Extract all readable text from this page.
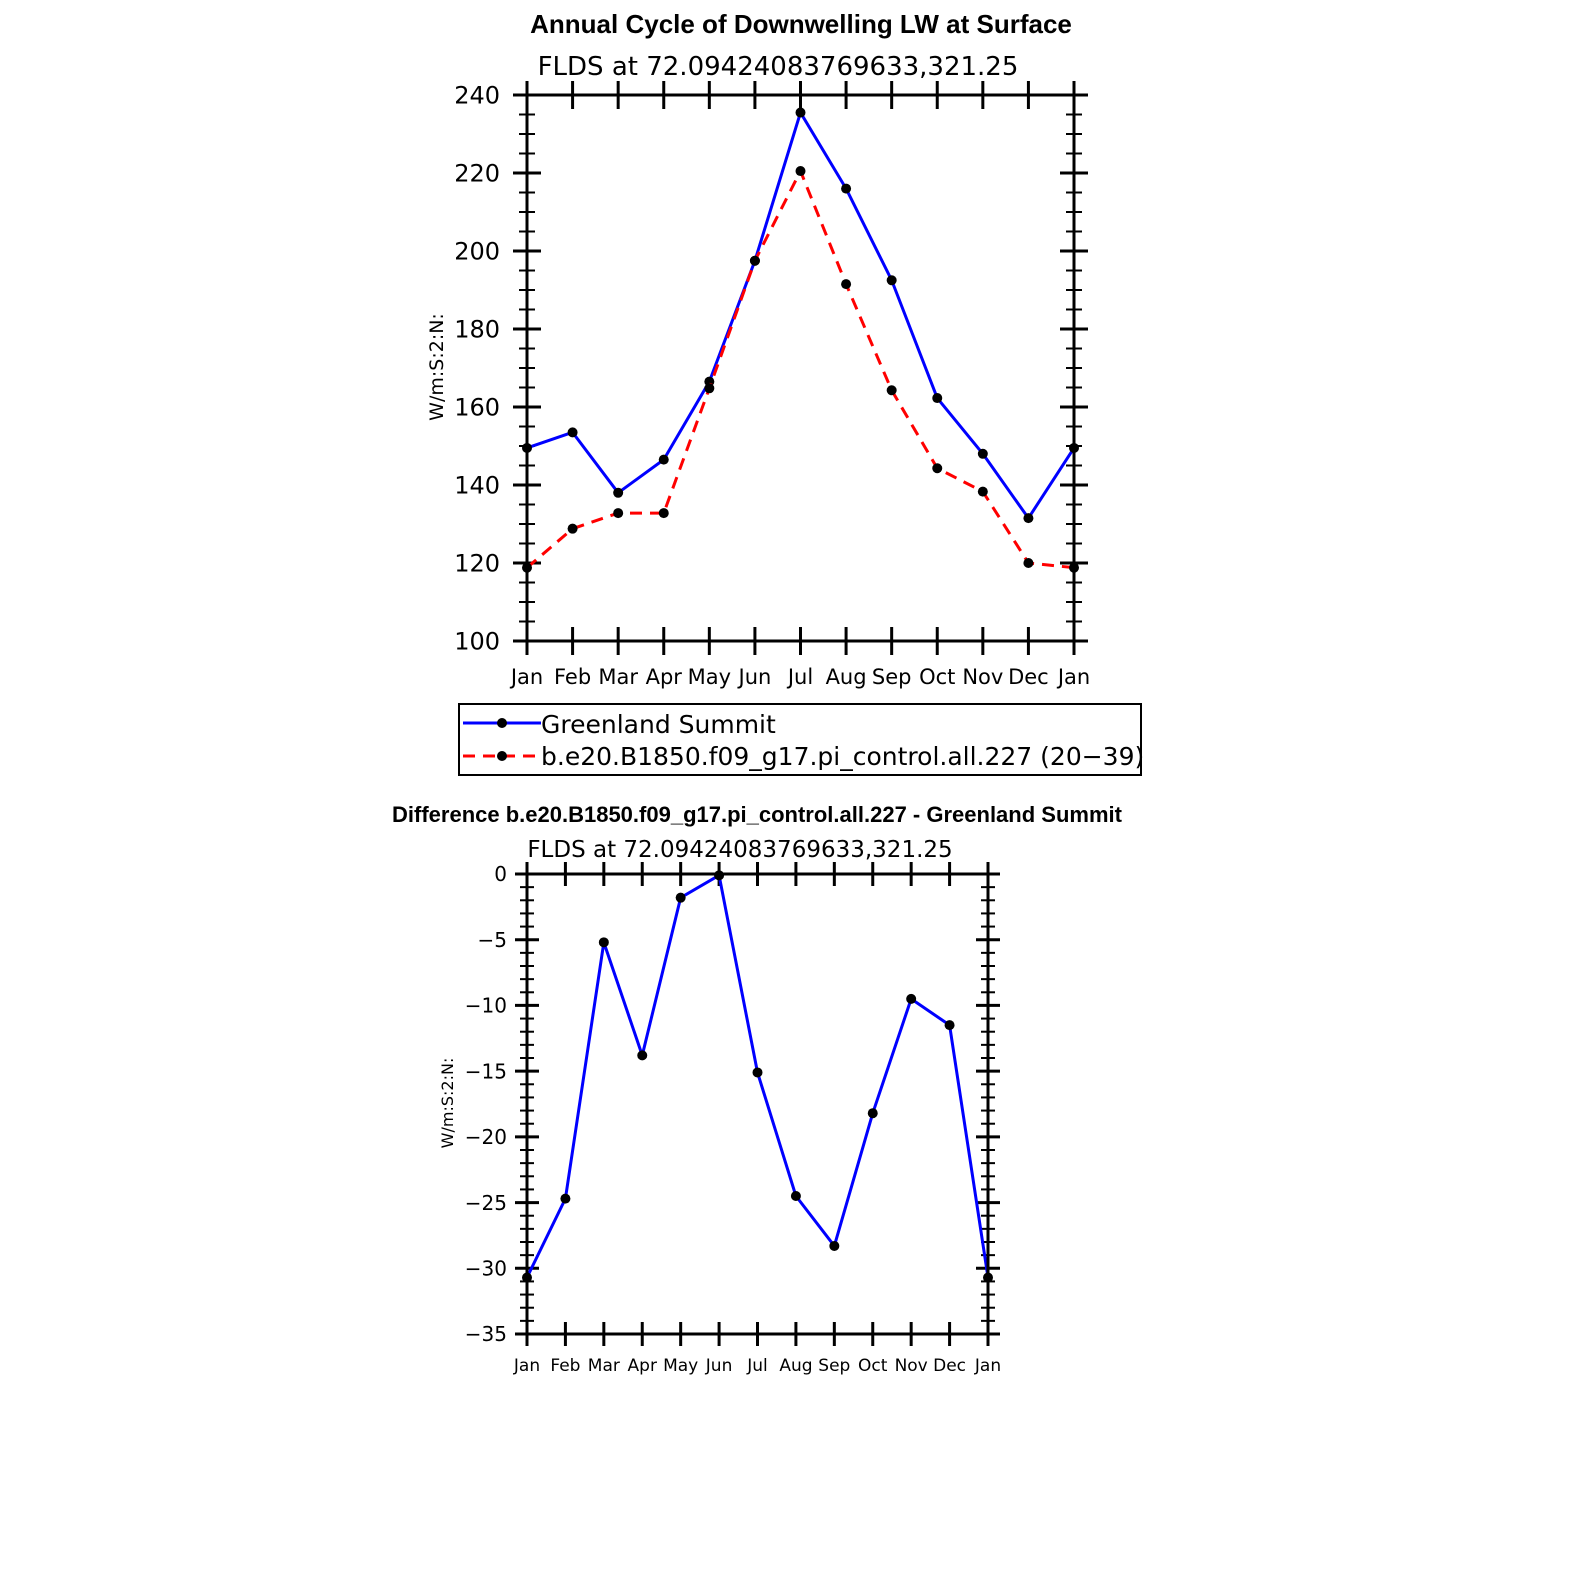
Annual Cycle of Downwelling LW at Surface
FLDS at 72.09424083769633,321.25
W/m:S:2:N:
100
120
140
160
180
200
220
240
Jan Feb Mar Apr May Jun Jul Aug Sep Oct Nov Dec Jan
Greenland Summit
b.e20.B1850.f09_g17.pi_control.all.227 (20−39)
Difference b.e20.B1850.f09_g17.pi_control.all.227 - Greenland Summit
FLDS at 72.09424083769633,321.25
W/m:S:2:N:
−35
−30
−25
−20
−15
−10
−5
0
Jan Feb Mar Apr May Jun Jul Aug Sep Oct Nov Dec Jan
